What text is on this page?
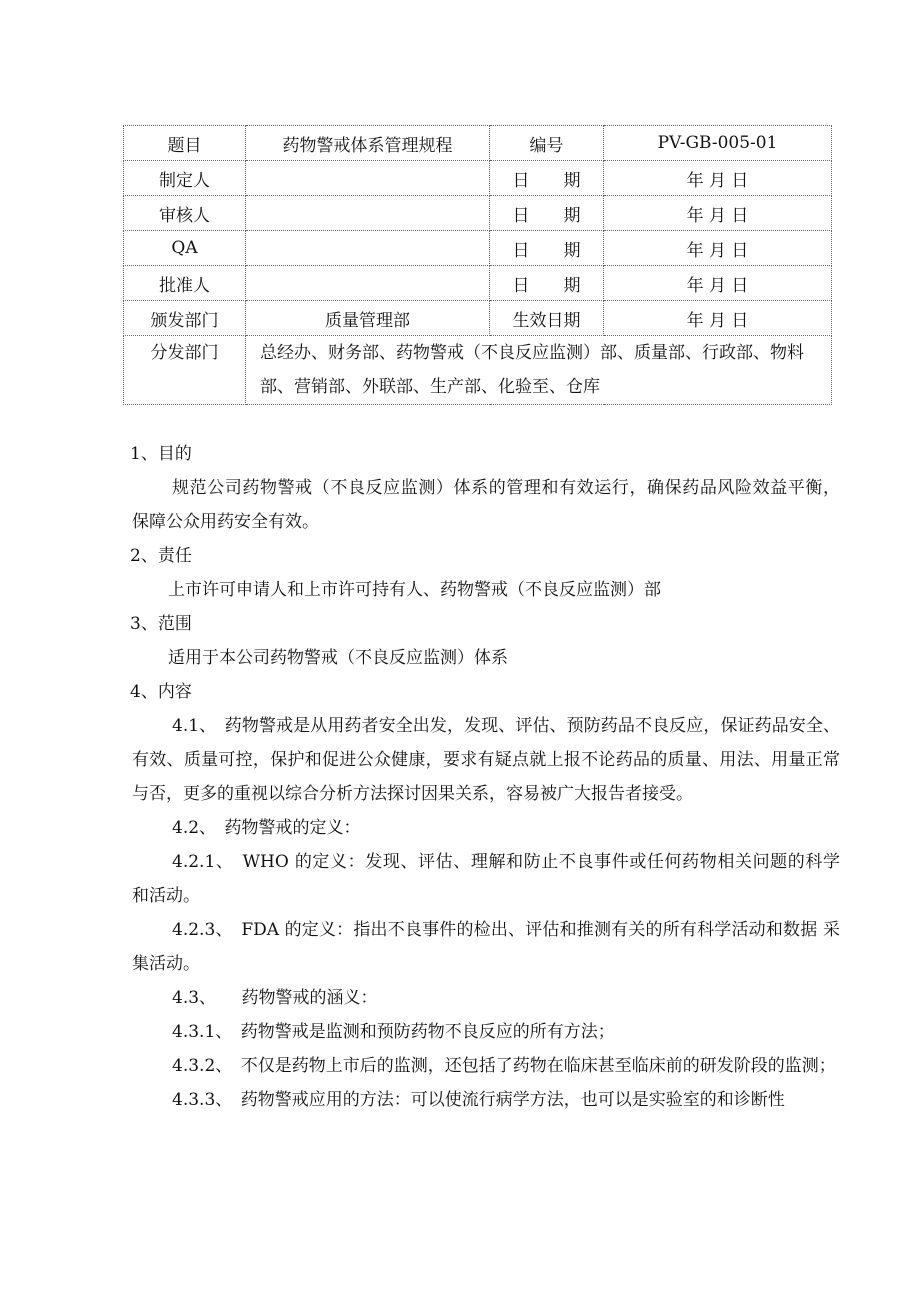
题目	药物警戒体系管理规程	编号	PV-GB-005-01
制定人		日　　期	年 月 日
审核人		日　　期	年 月 日
QA		日　　期	年 月 日
批准人		日　　期	年 月 日
颁发部门	质量管理部	生效日期	年 月 日
分发部门	总经办、财务部、药物警戒（不良反应监测）部、质量部、行政部、物料 部、营销部、外联部、生产部、化验至、仓库		

1、目的

规范公司药物警戒（不良反应监测）体系的管理和有效运行，确保药品风险效益平衡， 保障公众用药安全有效。

2、责任

上市许可申请人和上市许可持有人、药物警戒（不良反应监测）部

3、范围

适用于本公司药物警戒（不良反应监测）体系

4、内容

4.1、　药物警戒是从用药者安全出发，发现、评估、预防药品不良反应，保证药品安全、有效、质量可控，保护和促进公众健康，要求有疑点就上报不论药品的质量、用法、用量正常与否，更多的重视以综合分析方法探讨因果关系，容易被广大报告者接受。

4.2、　药物警戒的定义：

4.2.1、　WHO 的定义：发现、评估、理解和防止不良事件或任何药物相关问题的科学 和活动。

4.2.3、　FDA 的定义：指出不良事件的检出、评估和推测有关的所有科学活动和数据 采集活动。

4.3、　　药物警戒的涵义：

4.3.1、　药物警戒是监测和预防药物不良反应的所有方法；

4.3.2、　不仅是药物上市后的监测，还包括了药物在临床甚至临床前的研发阶段的监测；

4.3.3、　药物警戒应用的方法：可以使流行病学方法，也可以是实验室的和诊断性
